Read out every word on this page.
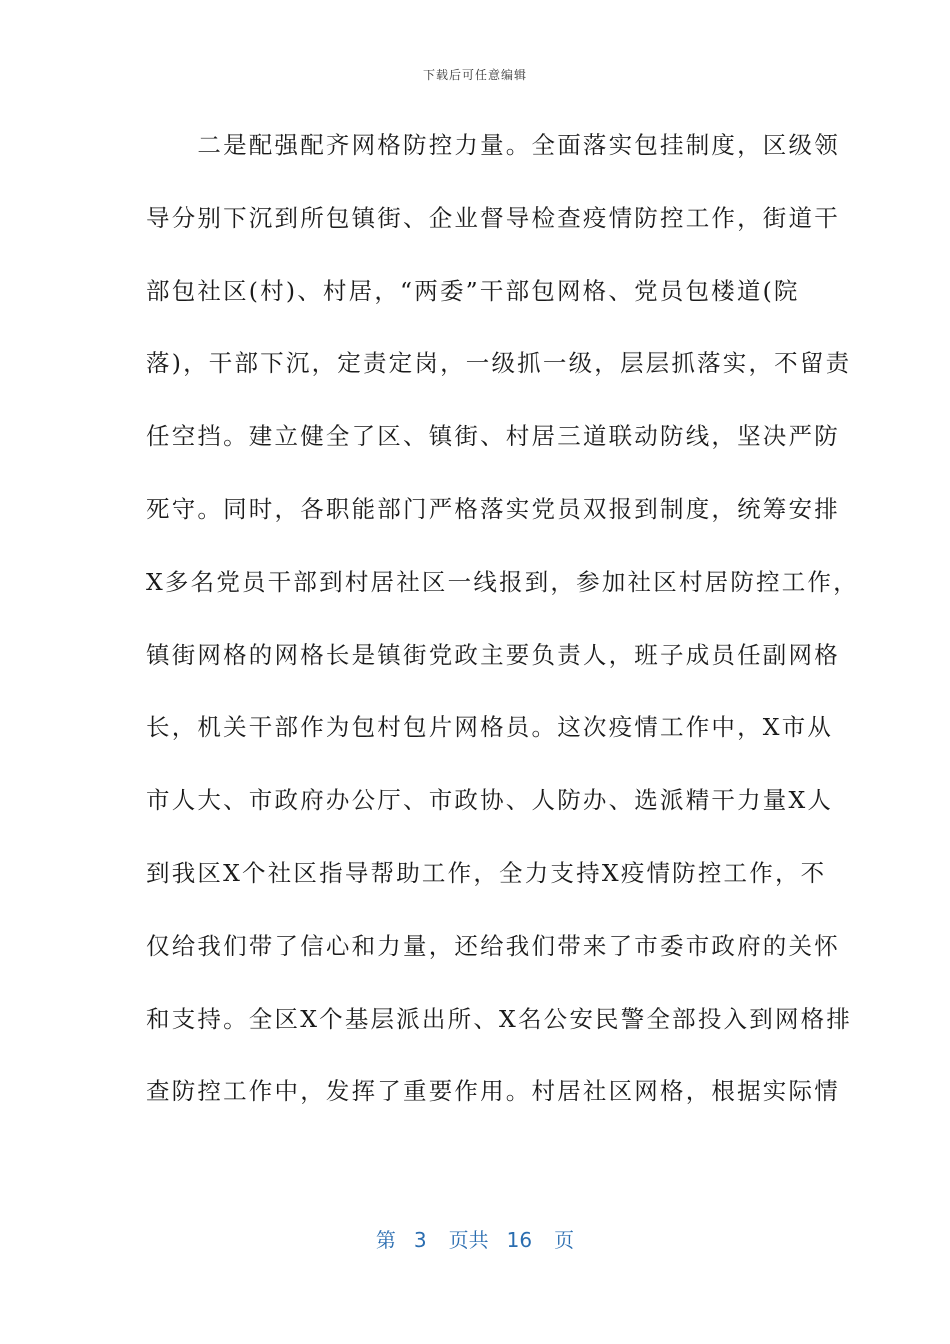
下载后可任意编辑
　　二是配强配齐网格防控力量。全面落实包挂制度，区级领
导分别下沉到所包镇街、企业督导检查疫情防控工作，街道干
部包社区(村)、村居，“两委”干部包网格、党员包楼道(院
落)，干部下沉，定责定岗，一级抓一级，层层抓落实，不留责
任空挡。建立健全了区、镇街、村居三道联动防线，坚决严防
死守。同时，各职能部门严格落实党员双报到制度，统筹安排
X多名党员干部到村居社区一线报到，参加社区村居防控工作，
镇街网格的网格长是镇街党政主要负责人，班子成员任副网格
长，机关干部作为包村包片网格员。这次疫情工作中，X市从
市人大、市政府办公厅、市政协、人防办、选派精干力量X人
到我区X个社区指导帮助工作，全力支持X疫情防控工作，不
仅给我们带了信心和力量，还给我们带来了市委市政府的关怀
和支持。全区X个基层派出所、X名公安民警全部投入到网格排
查防控工作中，发挥了重要作用。村居社区网格，根据实际情
第 3 页共 16 页
